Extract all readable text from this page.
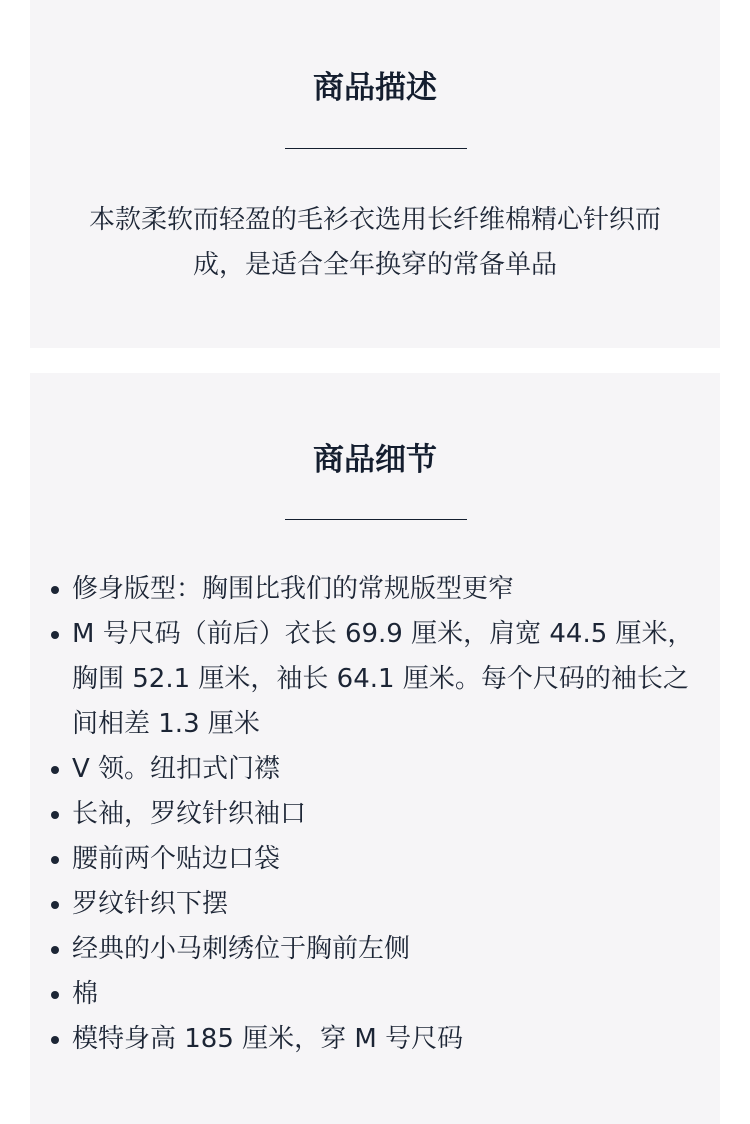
商品描述

本款柔软而轻盈的毛衫衣选用长纤维棉精心针织而成，是适合全年换穿的常备单品

商品细节
修身版型：胸围比我们的常规版型更窄
M 号尺码（前后）衣长 69.9 厘米，肩宽 44.5 厘米，胸围 52.1 厘米，袖长 64.1 厘米。每个尺码的袖长之间相差 1.3 厘米
V 领。纽扣式门襟
长袖，罗纹针织袖口
腰前两个贴边口袋
罗纹针织下摆
经典的小马刺绣位于胸前左侧
棉
模特身高 185 厘米，穿 M 号尺码
